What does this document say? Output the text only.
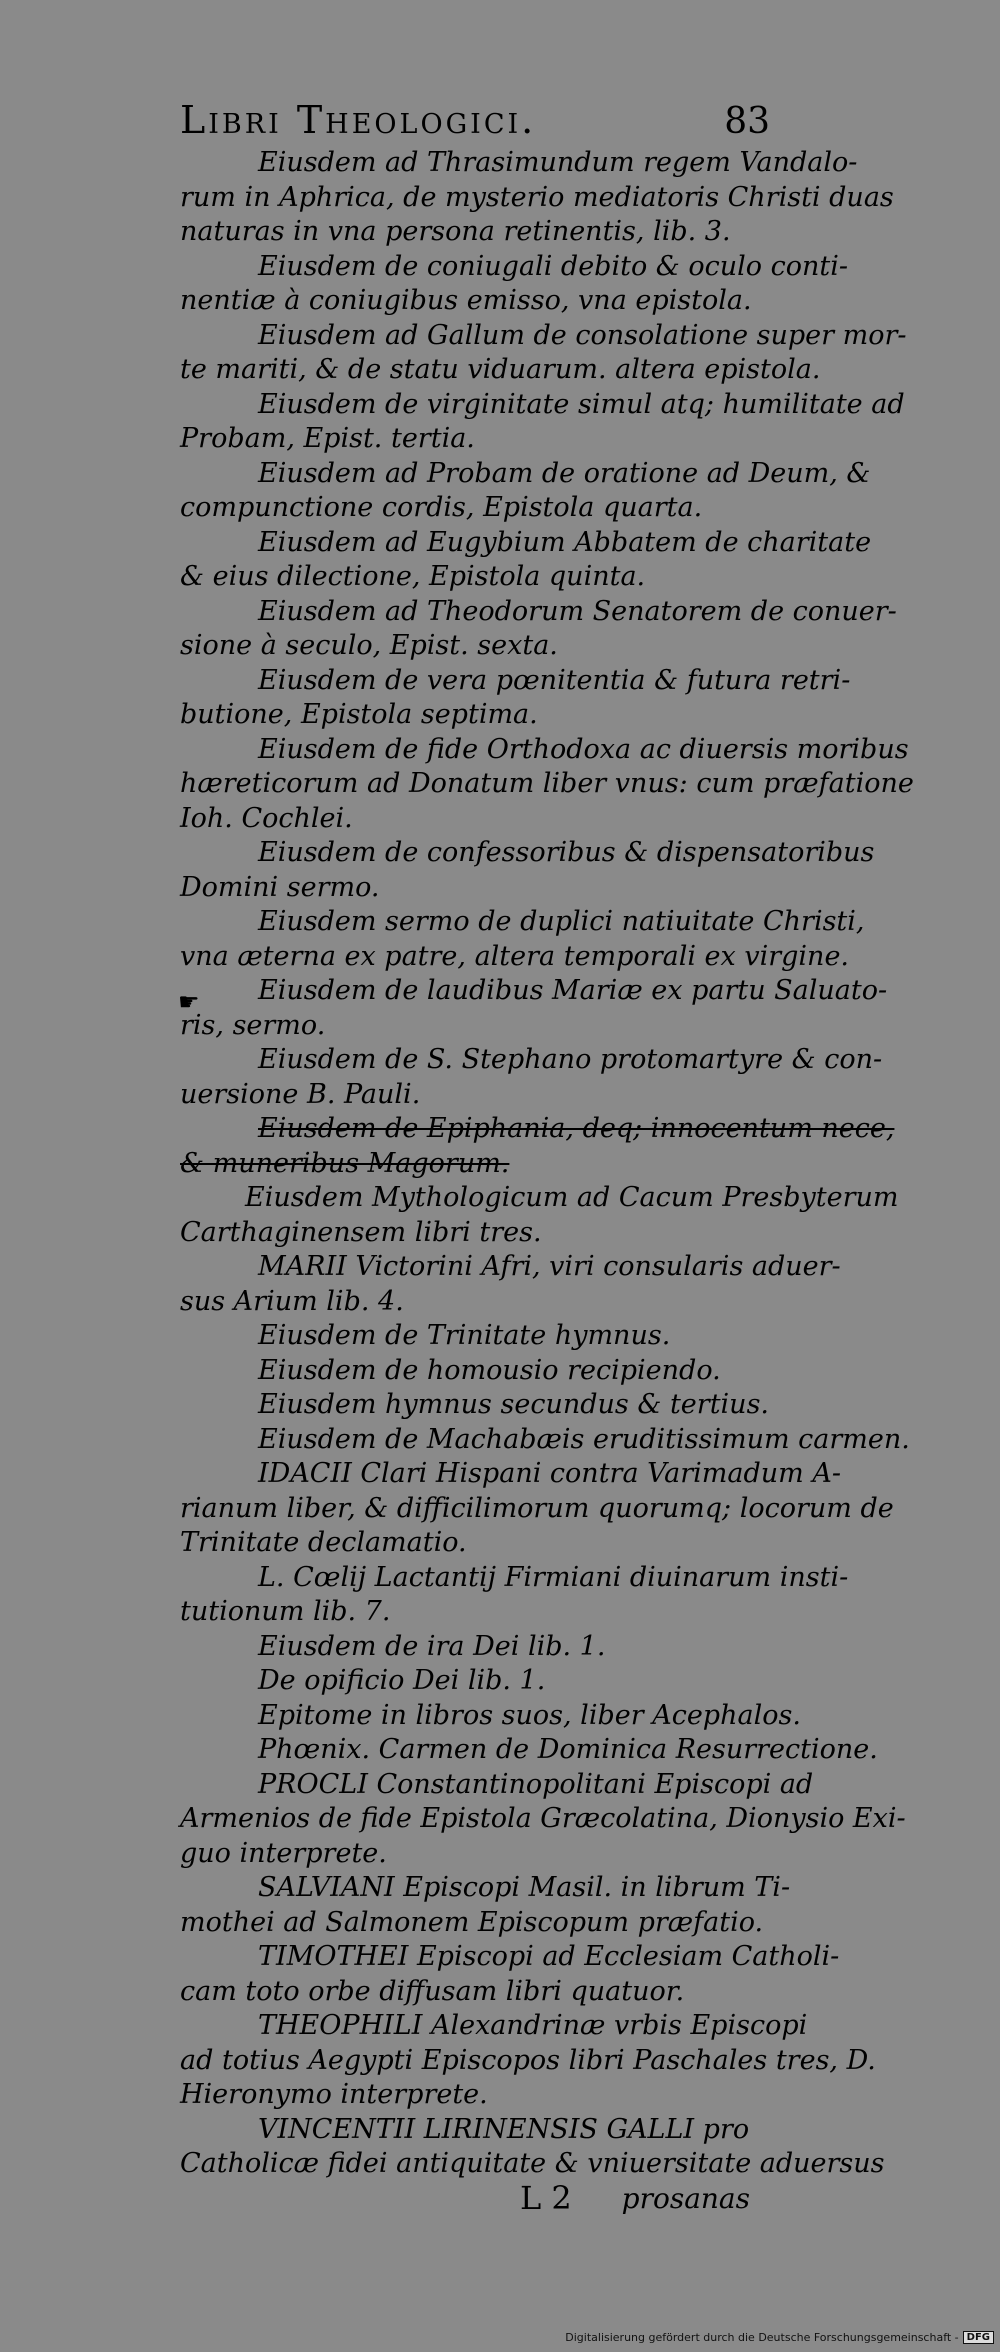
Libri Theologici.	83
Eiusdem ad Thrasimundum regem Vandalo-
rum in Aphrica, de mysterio mediatoris Christi duas
naturas in vna persona retinentis, lib. 3.
Eiusdem de coniugali debito & oculo conti-
nentiæ à coniugibus emisso, vna epistola.
Eiusdem ad Gallum de consolatione super mor-
te mariti, & de statu viduarum. altera epistola.
Eiusdem de virginitate simul atq; humilitate ad
Probam, Epist. tertia.
Eiusdem ad Probam de oratione ad Deum, &
compunctione cordis, Epistola quarta.
Eiusdem ad Eugybium Abbatem de charitate
& eius dilectione, Epistola quinta.
Eiusdem ad Theodorum Senatorem de conuer-
sione à seculo, Epist. sexta.
Eiusdem de vera pœnitentia & futura retri-
butione, Epistola septima.
Eiusdem de fide Orthodoxa ac diuersis moribus
hæreticorum ad Donatum liber vnus: cum præfatione
Ioh. Cochlei.
Eiusdem de confessoribus & dispensatoribus
Domini sermo.
Eiusdem sermo de duplici natiuitate Christi,
vna æterna ex patre, altera temporali ex virgine.
Eiusdem de laudibus Mariæ ex partu Saluato-
ris, sermo.
Eiusdem de S. Stephano protomartyre & con-
uersione B. Pauli.
Eiusdem de Epiphania, deq; innocentum nece,
& muneribus Magorum.
Eiusdem Mythologicum ad Cacum Presbyterum
Carthaginensem libri tres.
MARII Victorini Afri, viri consularis aduer-
sus Arium lib. 4.
Eiusdem de Trinitate hymnus.
Eiusdem de homousio recipiendo.
Eiusdem hymnus secundus & tertius.
Eiusdem de Machabæis eruditissimum carmen.
IDACII Clari Hispani contra Varimadum A-
rianum liber, & difficilimorum quorumq; locorum de
Trinitate declamatio.
L. Cœlij Lactantij Firmiani diuinarum insti-
tutionum lib. 7.
Eiusdem de ira Dei lib. 1.
De opificio Dei lib. 1.
Epitome in libros suos, liber Acephalos.
Phœnix. Carmen de Dominica Resurrectione.
PROCLI Constantinopolitani Episcopi ad
Armenios de fide Epistola Græcolatina, Dionysio Exi-
guo interprete.
SALVIANI Episcopi Masil. in librum Ti-
mothei ad Salmonem Episcopum præfatio.
TIMOTHEI Episcopi ad Ecclesiam Catholi-
cam toto orbe diffusam libri quatuor.
THEOPHILI Alexandrinæ vrbis Episcopi
ad totius Aegypti Episcopos libri Paschales tres, D.
Hieronymo interprete.
VINCENTII LIRINENSIS GALLI pro
Catholicæ fidei antiquitate & vniuersitate aduersus
L 2 prosanas
☛
Digitalisierung gefördert durch die Deutsche Forschungsgemeinschaft - DFG
